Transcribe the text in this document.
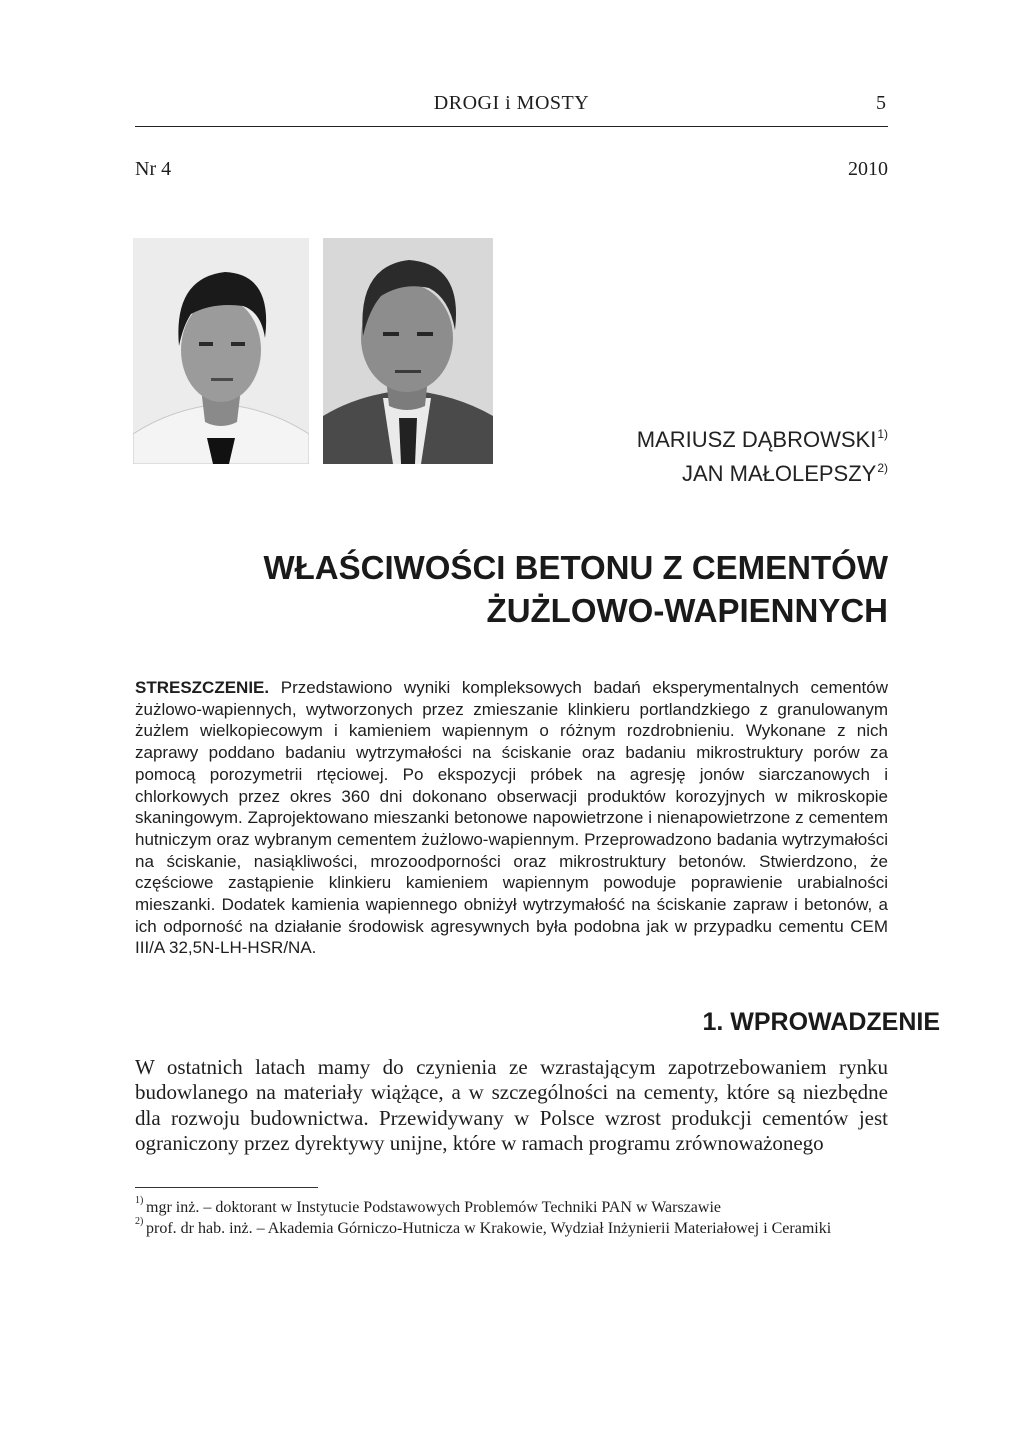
DROGI i MOSTY	5
Nr 4	2010
MARIUSZ DĄBROWSKI$^{1)}$
JAN MAŁOLEPSZY$^{2)}$
WŁAŚCIWOŚCI BETONU Z CEMENTÓW
ŻUŻLOWO-WAPIENNYCH
STRESZCZENIE. Przedstawiono wyniki kompleksowych badań eksperymentalnych cementów żużlowo-wapiennych, wytworzonych przez zmieszanie klinkieru portlandzkiego z granulowanym żużlem wielkopiecowym i kamieniem wapiennym o różnym rozdrobnieniu. Wykonane z nich zaprawy poddano badaniu wytrzymałości na ściskanie oraz badaniu mikrostruktury porów za pomocą porozymetrii rtęciowej. Po ekspozycji próbek na agresję jonów siarczanowych i chlorkowych przez okres 360 dni dokonano obserwacji produktów korozyjnych w mikroskopie skaningowym. Zaprojektowano mieszanki betonowe napowietrzone i nienapowietrzone z cementem hutniczym oraz wybranym cementem żużlowo-wapiennym. Przeprowadzono badania wytrzymałości na ściskanie, nasiąkliwości, mrozoodporności oraz mikrostruktury betonów. Stwierdzono, że częściowe zastąpienie klinkieru kamieniem wapiennym powoduje poprawienie urabialności mieszanki. Dodatek kamienia wapiennego obniżył wytrzymałość na ściskanie zapraw i betonów, a ich odporność na działanie środowisk agresywnych była podobna jak w przypadku cementu CEM III/A 32,5N-LH-HSR/NA.
1. WPROWADZENIE
W ostatnich latach mamy do czynienia ze wzrastającym zapotrzebowaniem rynku budowlanego na materiały wiążące, a w szczególności na cementy, które są niezbędne dla rozwoju budownictwa. Przewidywany w Polsce wzrost produkcji cementów jest ograniczony przez dyrektywy unijne, które w ramach programu zrównoważonego
1) mgr inż. – doktorant w Instytucie Podstawowych Problemów Techniki PAN w Warszawie
2) prof. dr hab. inż. – Akademia Górniczo-Hutnicza w Krakowie, Wydział Inżynierii Materiałowej i Ceramiki
